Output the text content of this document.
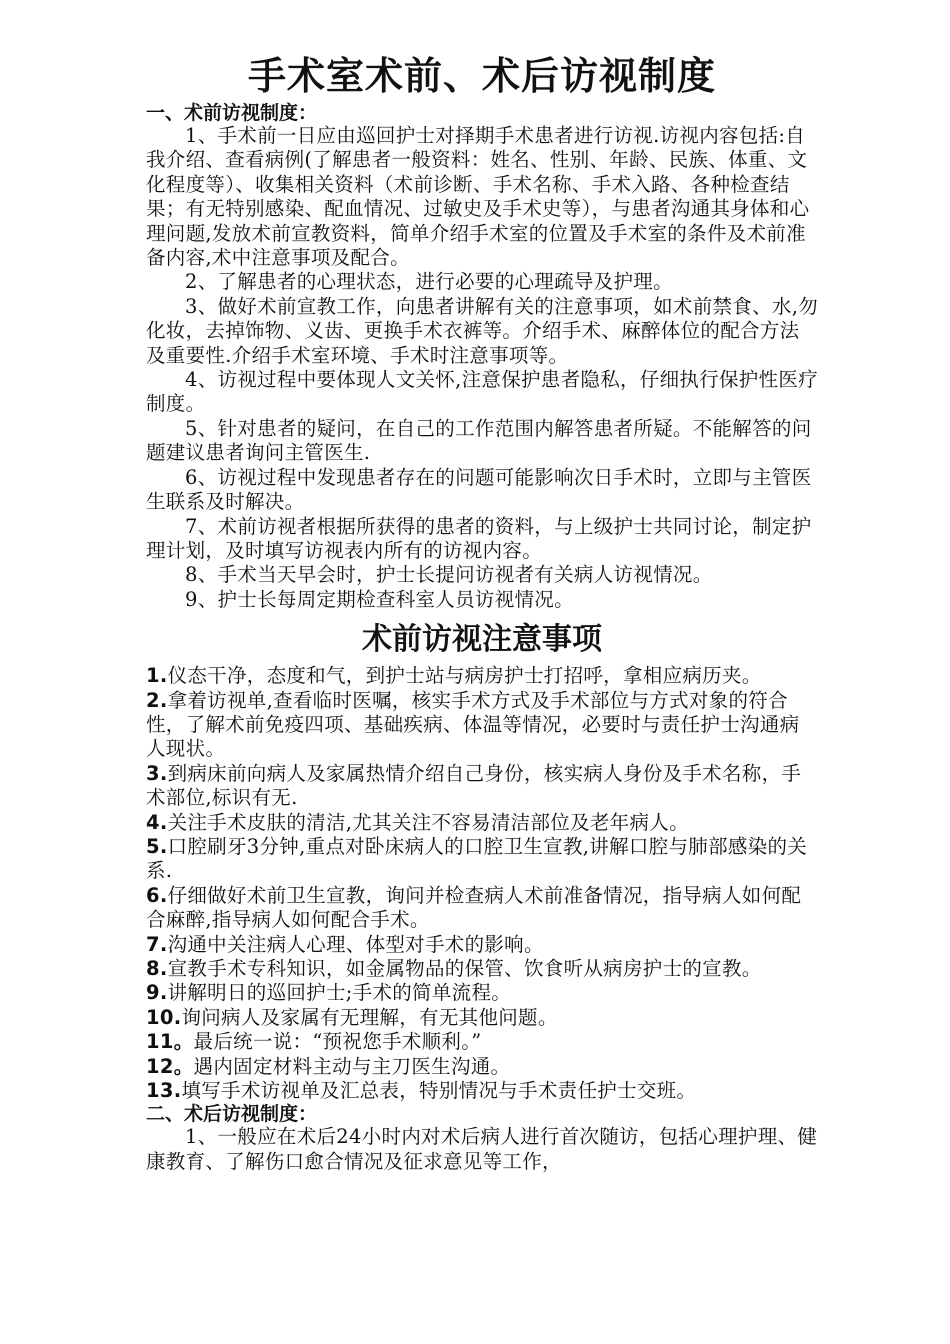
手术室术前、术后访视制度

一、术前访视制度：

1、手术前一日应由巡回护士对择期手术患者进行访视.访视内容包括:自我介绍、查看病例(了解患者一般资料：姓名、性别、年龄、民族、体重、文化程度等）、收集相关资料（术前诊断、手术名称、手术入路、各种检查结果；有无特别感染、配血情况、过敏史及手术史等），与患者沟通其身体和心理问题,发放术前宣教资料，简单介绍手术室的位置及手术室的条件及术前准备内容,术中注意事项及配合。

2、了解患者的心理状态，进行必要的心理疏导及护理。

3、做好术前宣教工作，向患者讲解有关的注意事项，如术前禁食、水,勿化妆，去掉饰物、义齿、更换手术衣裤等。介绍手术、麻醉体位的配合方法及重要性.介绍手术室环境、手术时注意事项等。

4、访视过程中要体现人文关怀,注意保护患者隐私，仔细执行保护性医疗制度。

5、针对患者的疑问，在自己的工作范围内解答患者所疑。不能解答的问题建议患者询问主管医生.

6、访视过程中发现患者存在的问题可能影响次日手术时，立即与主管医生联系及时解决。

7、术前访视者根据所获得的患者的资料，与上级护士共同讨论，制定护理计划，及时填写访视表内所有的访视内容。

8、手术当天早会时，护士长提问访视者有关病人访视情况。

9、护士长每周定期检查科室人员访视情况。

术前访视注意事项

1.仪态干净，态度和气，到护士站与病房护士打招呼，拿相应病历夹。

2.拿着访视单,查看临时医嘱，核实手术方式及手术部位与方式对象的符合性，了解术前免疫四项、基础疾病、体温等情况，必要时与责任护士沟通病人现状。

3.到病床前向病人及家属热情介绍自己身份，核实病人身份及手术名称，手术部位,标识有无.

4.关注手术皮肤的清洁,尤其关注不容易清洁部位及老年病人。

5.口腔刷牙3分钟,重点对卧床病人的口腔卫生宣教,讲解口腔与肺部感染的关系.

6.仔细做好术前卫生宣教，询问并检查病人术前准备情况，指导病人如何配合麻醉,指导病人如何配合手术。

7.沟通中关注病人心理、体型对手术的影响。

8.宣教手术专科知识，如金属物品的保管、饮食听从病房护士的宣教。

9.讲解明日的巡回护士;手术的简单流程。

10.询问病人及家属有无理解，有无其他问题。

11。最后统一说：“预祝您手术顺利。”

12。遇内固定材料主动与主刀医生沟通。

13.填写手术访视单及汇总表，特别情况与手术责任护士交班。

二、术后访视制度：

1、一般应在术后24小时内对术后病人进行首次随访，包括心理护理、健康教育、了解伤口愈合情况及征求意见等工作，
